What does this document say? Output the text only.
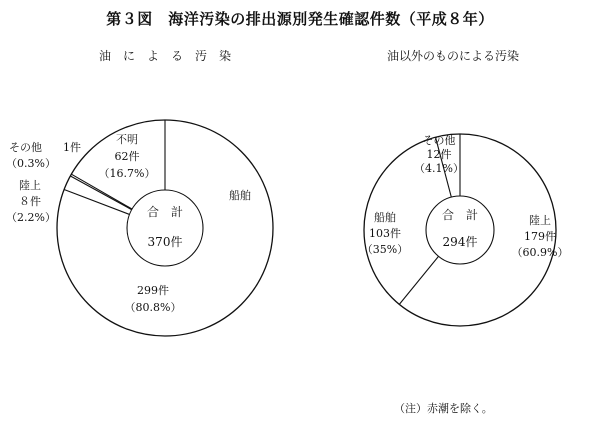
第３図　海洋汚染の排出源別発生確認件数（平成８年）
油　に　よ　る　汚　染
合　計
370件
船舶
299件
（80.8%）
陸上
８件
（2.2%）
その他 1件
（0.3%）
不明
62件
（16.7%）
油以外のものによる汚染
合　計
294件
陸上
179件
（60.9%）
船舶
103件
（35%）
その他
12件
（4.1%）
（注）赤潮を除く。
